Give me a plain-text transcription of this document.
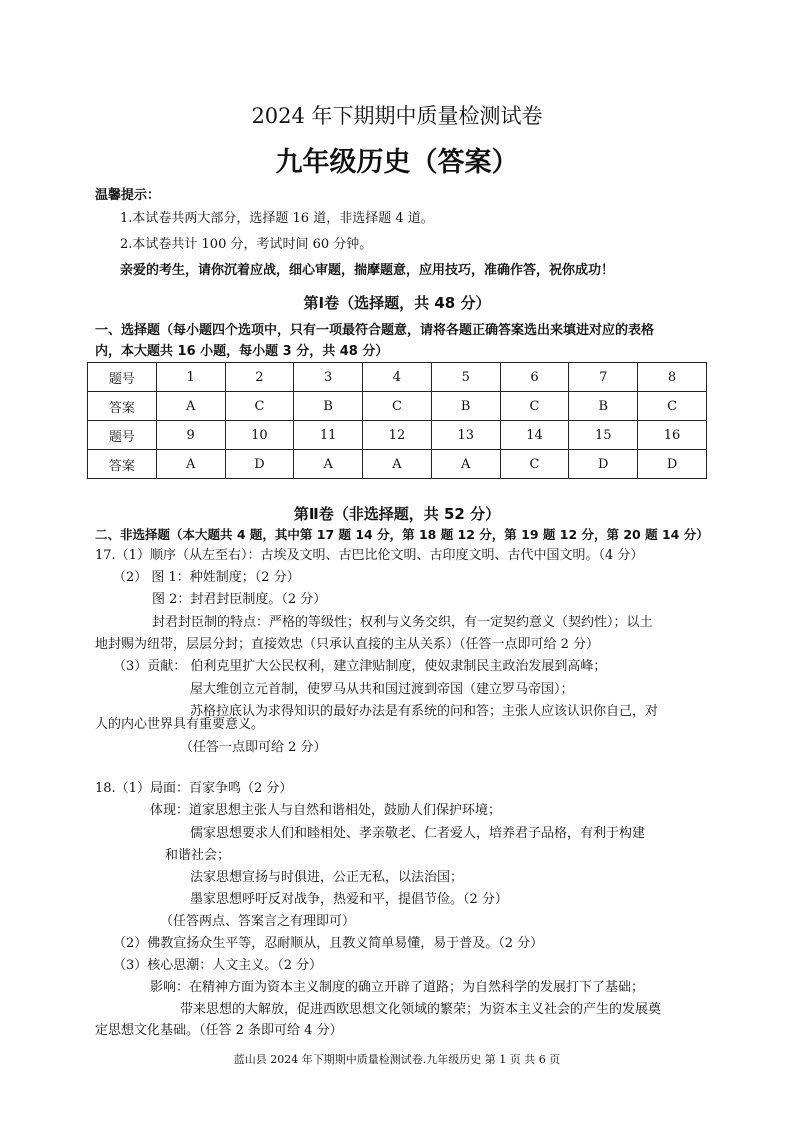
2024 年下期期中质量检测试卷
九年级历史（答案）
温馨提示：
1.本试卷共两大部分，选择题 16 道，非选择题 4 道。
2.本试卷共计 100 分，考试时间 60 分钟。
亲爱的考生，请你沉着应战，细心审题，揣摩题意，应用技巧，准确作答，祝你成功！
第Ⅰ卷（选择题，共 48 分）
一、选择题（每小题四个选项中，只有一项最符合题意，请将各题正确答案选出来填进对应的表格
内，本大题共 16 小题，每小题 3 分，共 48 分）
题号	1	2	3	4	5	6	7	8
答案	A	C	B	C	B	C	B	C
题号	9	10	11	12	13	14	15	16
答案	A	D	A	A	A	C	D	D
第Ⅱ卷（非选择题，共 52 分）
二、非选择题（本大题共 4 题，其中第 17 题 14 分，第 18 题 12 分，第 19 题 12 分，第 20 题 14 分）
17.（1）顺序（从左至右）：古埃及文明、古巴比伦文明、古印度文明、古代中国文明。（4 分）
（2） 图 1：种姓制度；（2 分）
图 2：封君封臣制度。（2 分）
封君封臣制的特点：严格的等级性；权利与义务交织，有一定契约意义（契约性）；以土
地封赐为纽带，层层分封；直接效忠（只承认直接的主从关系）（任答一点即可给 2 分）
（3）贡献： 伯利克里扩大公民权利，建立津贴制度，使奴隶制民主政治发展到高峰；
屋大维创立元首制，使罗马从共和国过渡到帝国（建立罗马帝国）；
苏格拉底认为求得知识的最好办法是有系统的问和答；主张人应该认识你自己，对
人的内心世界具有重要意义。
（任答一点即可给 2 分）
18.（1）局面：百家争鸣（2 分）
体现：道家思想主张人与自然和谐相处，鼓励人们保护环境；
儒家思想要求人们和睦相处、孝亲敬老、仁者爱人，培养君子品格，有利于构建
和谐社会；
法家思想宣扬与时俱进，公正无私，以法治国；
墨家思想呼吁反对战争，热爱和平，提倡节俭。（2 分）
（任答两点、答案言之有理即可）
（2）佛教宣扬众生平等，忍耐顺从，且教义简单易懂，易于普及。（2 分）
（3）核心思潮：人文主义。（2 分）
影响：在精神方面为资本主义制度的确立开辟了道路；为自然科学的发展打下了基础；
带来思想的大解放，促进西欧思想文化领域的繁荣；为资本主义社会的产生的发展奠
定思想文化基础。（任答 2 条即可给 4 分）
蓝山县 2024 年下期期中质量检测试卷.九年级历史 第 1 页 共 6 页
